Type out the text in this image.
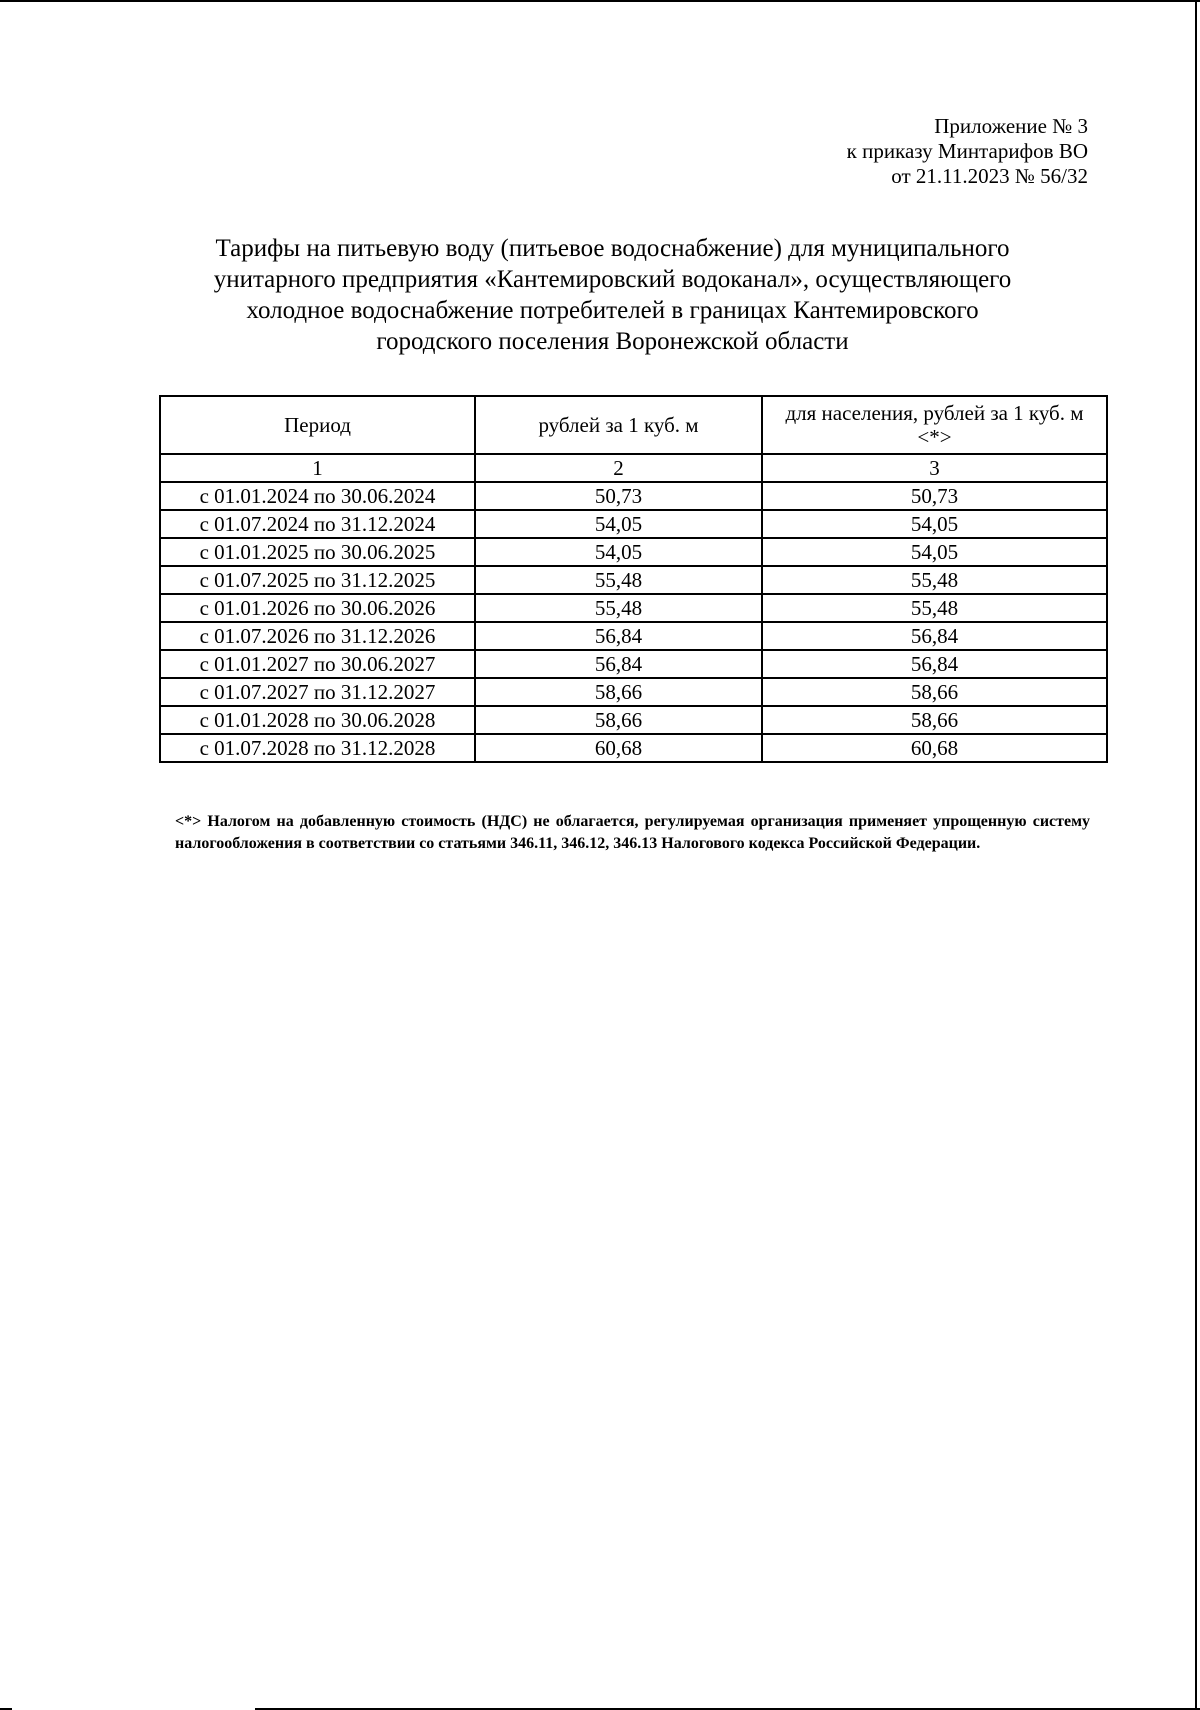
Приложение № 3
к приказу Минтарифов ВО
от 21.11.2023 № 56/32
Тарифы на питьевую воду (питьевое водоснабжение) для муниципального
унитарного предприятия «Кантемировский водоканал», осуществляющего
холодное водоснабжение потребителей в границах Кантемировского
городского поселения Воронежской области
Период	рублей за 1 куб. м	для населения, рублей за 1 куб. м <*>
1	2	3
с 01.01.2024 по 30.06.2024	50,73	50,73
с 01.07.2024 по 31.12.2024	54,05	54,05
с 01.01.2025 по 30.06.2025	54,05	54,05
с 01.07.2025 по 31.12.2025	55,48	55,48
с 01.01.2026 по 30.06.2026	55,48	55,48
с 01.07.2026 по 31.12.2026	56,84	56,84
с 01.01.2027 по 30.06.2027	56,84	56,84
с 01.07.2027 по 31.12.2027	58,66	58,66
с 01.01.2028 по 30.06.2028	58,66	58,66
с 01.07.2028 по 31.12.2028	60,68	60,68
<*> Налогом на добавленную стоимость (НДС) не облагается, регулируемая организация применяет упрощенную систему налогообложения в соответствии со статьями 346.11, 346.12, 346.13 Налогового кодекса Российской Федерации.
